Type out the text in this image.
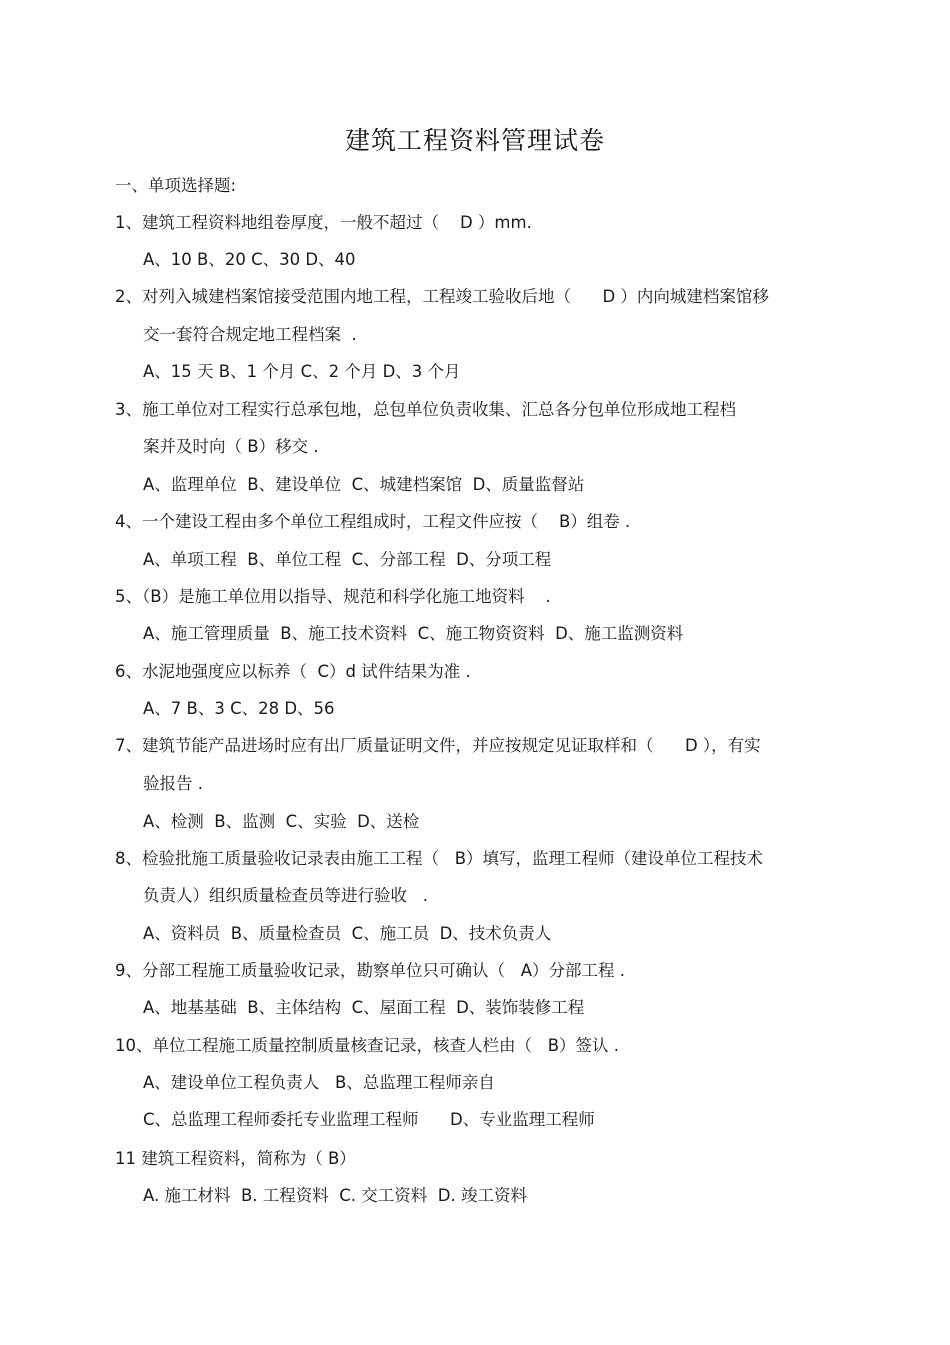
建筑工程资料管理试卷
一、单项选择题:
1、建筑工程资料地组卷厚度，一般不超过（    D ）mm.
A、10 B、20 C、30 D、40
2、对列入城建档案馆接受范围内地工程，工程竣工验收后地（      D ）内向城建档案馆移
交一套符合规定地工程档案  .
A、15 天 B、1 个月 C、2 个月 D、3 个月
3、施工单位对工程实行总承包地，总包单位负责收集、汇总各分包单位形成地工程档
案并及时向（ B）移交 .
A、监理单位  B、建设单位  C、城建档案馆  D、质量监督站
4、一个建设工程由多个单位工程组成时，工程文件应按（    B）组卷 .
A、单项工程  B、单位工程  C、分部工程  D、分项工程
5、（B）是施工单位用以指导、规范和科学化施工地资料    .
A、施工管理质量  B、施工技术资料  C、施工物资资料  D、施工监测资料
6、水泥地强度应以标养（  C）d 试件结果为准 .
A、7 B、3 C、28 D、56
7、建筑节能产品进场时应有出厂质量证明文件，并应按规定见证取样和（      D ），有实
验报告 .
A、检测  B、监测  C、实验  D、送检
8、检验批施工质量验收记录表由施工工程（   B）填写，监理工程师（建设单位工程技术
负责人）组织质量检查员等进行验收   .
A、资料员  B、质量检查员  C、施工员  D、技术负责人
9、分部工程施工质量验收记录，勘察单位只可确认（   A）分部工程 .
A、地基基础  B、主体结构  C、屋面工程  D、装饰装修工程
10、单位工程施工质量控制质量核查记录，核查人栏由（   B）签认 .
A、建设单位工程负责人   B、总监理工程师亲自
C、总监理工程师委托专业监理工程师      D、专业监理工程师
11 建筑工程资料，简称为（ B）
A. 施工材料  B. 工程资料  C. 交工资料  D. 竣工资料
